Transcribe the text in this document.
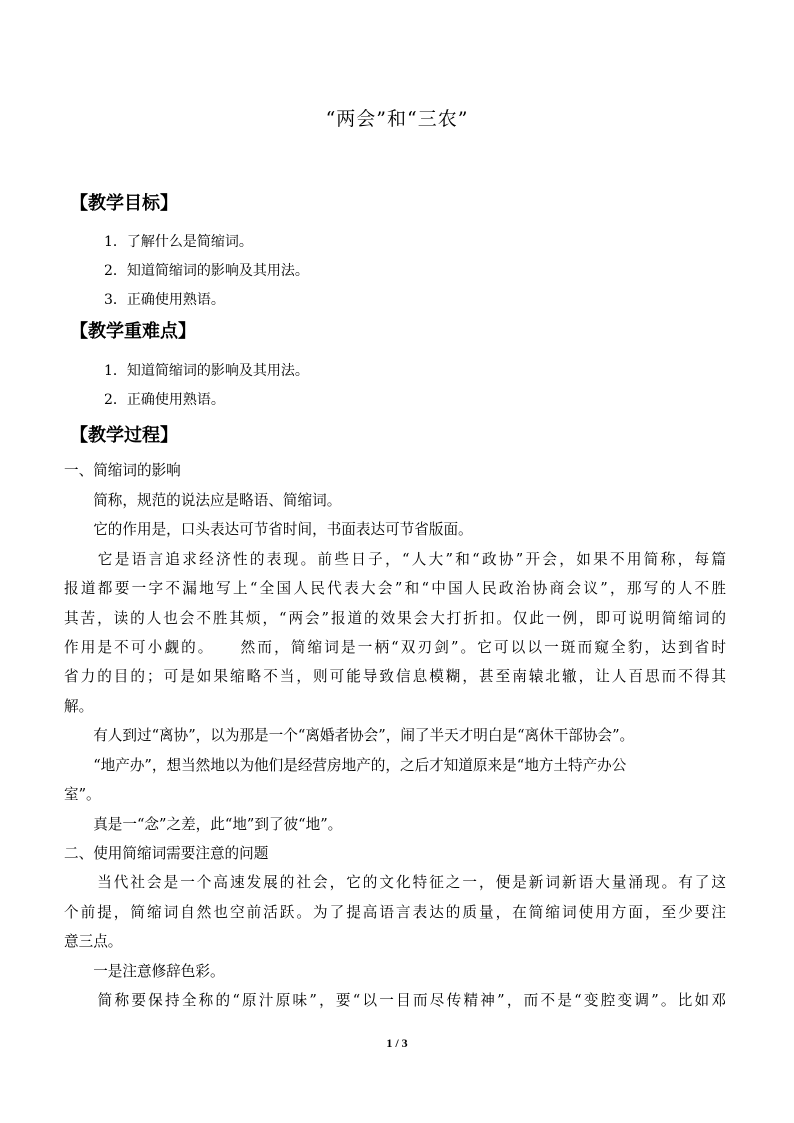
“两会”和“三农”
【教学目标】
1．了解什么是简缩词。
2．知道简缩词的影响及其用法。
3．正确使用熟语。
【教学重难点】
1．知道简缩词的影响及其用法。
2．正确使用熟语。
【教学过程】
一、简缩词的影响
　　简称，规范的说法应是略语、简缩词。
　　它的作用是，口头表达可节省时间，书面表达可节省版面。
　　它是语言追求经济性的表现。前些日子，“人大”和“政协”开会，如果不用简称，每篇
报道都要一字不漏地写上“全国人民代表大会”和“中国人民政治协商会议”，那写的人不胜
其苦，读的人也会不胜其烦，“两会”报道的效果会大打折扣。仅此一例，即可说明简缩词的
作用是不可小觑的。　　然而，简缩词是一柄“双刃剑”。它可以以一斑而窥全豹，达到省时
省力的目的；可是如果缩略不当，则可能导致信息模糊，甚至南辕北辙，让人百思而不得其
解。
　　有人到过“离协”，以为那是一个“离婚者协会”，闹了半天才明白是“离休干部协会”。
　　“地产办”，想当然地以为他们是经营房地产的，之后才知道原来是“地方土特产办公
室”。
　　真是一“念”之差，此“地”到了彼“地”。
二、使用简缩词需要注意的问题
　　当代社会是一个高速发展的社会，它的文化特征之一，便是新词新语大量涌现。有了这
个前提，简缩词自然也空前活跃。为了提高语言表达的质量，在简缩词使用方面，至少要注
意三点。
　　一是注意修辞色彩。
　　简称要保持全称的“原汁原味”，要“以一目而尽传精神”，而不是“变腔变调”。比如邓
1 / 3
